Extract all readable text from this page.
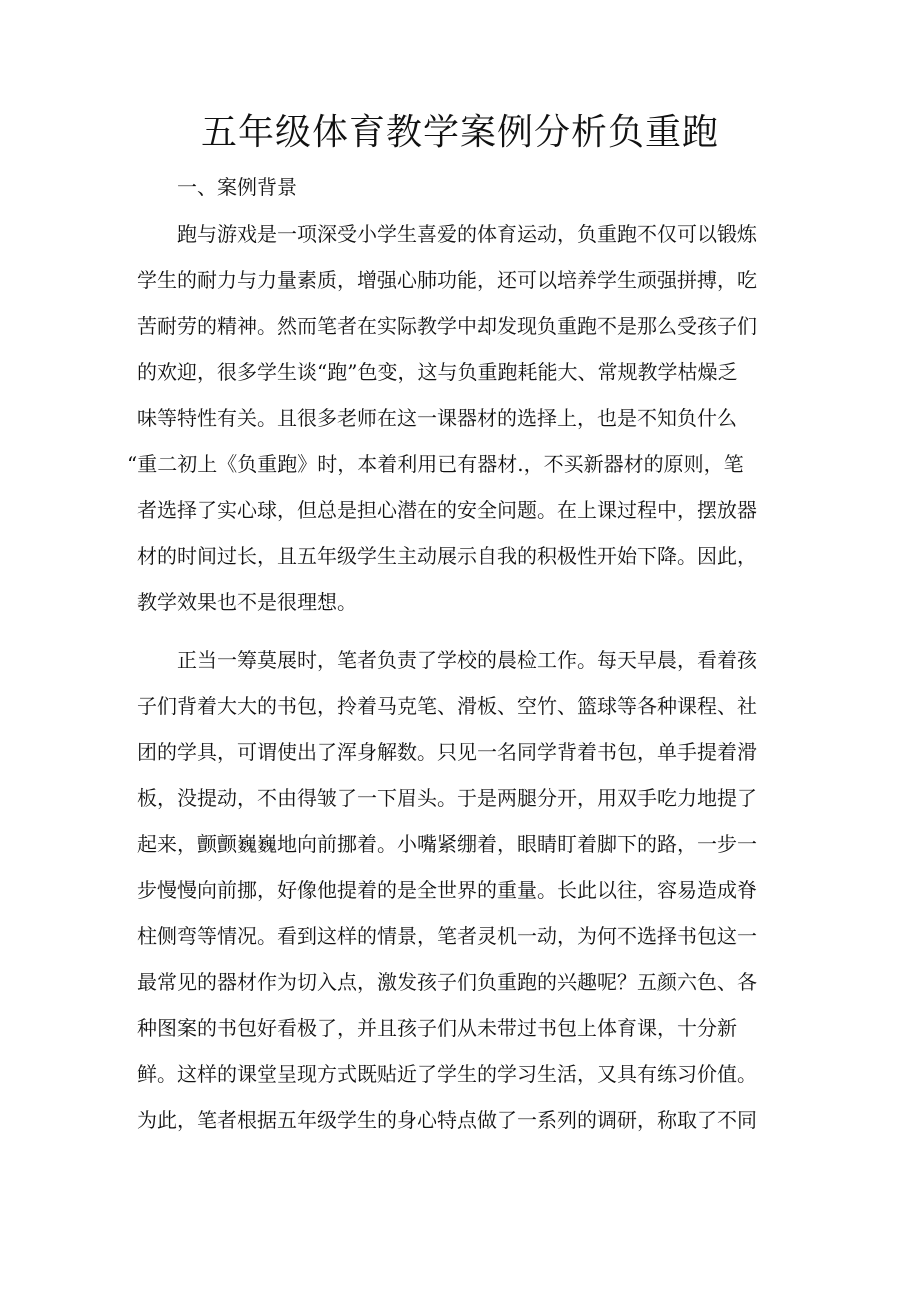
五年级体育教学案例分析负重跑

一、案例背景

跑与游戏是一项深受小学生喜爱的体育运动，负重跑不仅可以锻炼

学生的耐力与力量素质，增强心肺功能，还可以培养学生顽强拼搏，吃

苦耐劳的精神。然而笔者在实际教学中却发现负重跑不是那么受孩子们

的欢迎，很多学生谈“跑”色变，这与负重跑耗能大、常规教学枯燥乏

味等特性有关。且很多老师在这一课器材的选择上，也是不知负什么

“重二初上《负重跑》时，本着利用已有器材.，不买新器材的原则，笔

者选择了实心球，但总是担心潜在的安全问题。在上课过程中，摆放器

材的时间过长，且五年级学生主动展示自我的积极性开始下降。因此，

教学效果也不是很理想。

正当一筹莫展时，笔者负责了学校的晨检工作。每天早晨，看着孩

子们背着大大的书包，拎着马克笔、滑板、空竹、篮球等各种课程、社

团的学具，可谓使出了浑身解数。只见一名同学背着书包，单手提着滑

板，没提动，不由得皱了一下眉头。于是两腿分开，用双手吃力地提了

起来，颤颤巍巍地向前挪着。小嘴紧绷着，眼睛盯着脚下的路，一步一

步慢慢向前挪，好像他提着的是全世界的重量。长此以往，容易造成脊

柱侧弯等情况。看到这样的情景，笔者灵机一动，为何不选择书包这一

最常见的器材作为切入点，激发孩子们负重跑的兴趣呢？五颜六色、各

种图案的书包好看极了，并且孩子们从未带过书包上体育课，十分新

鲜。这样的课堂呈现方式既贴近了学生的学习生活，又具有练习价值。

为此，笔者根据五年级学生的身心特点做了一系列的调研，称取了不同
